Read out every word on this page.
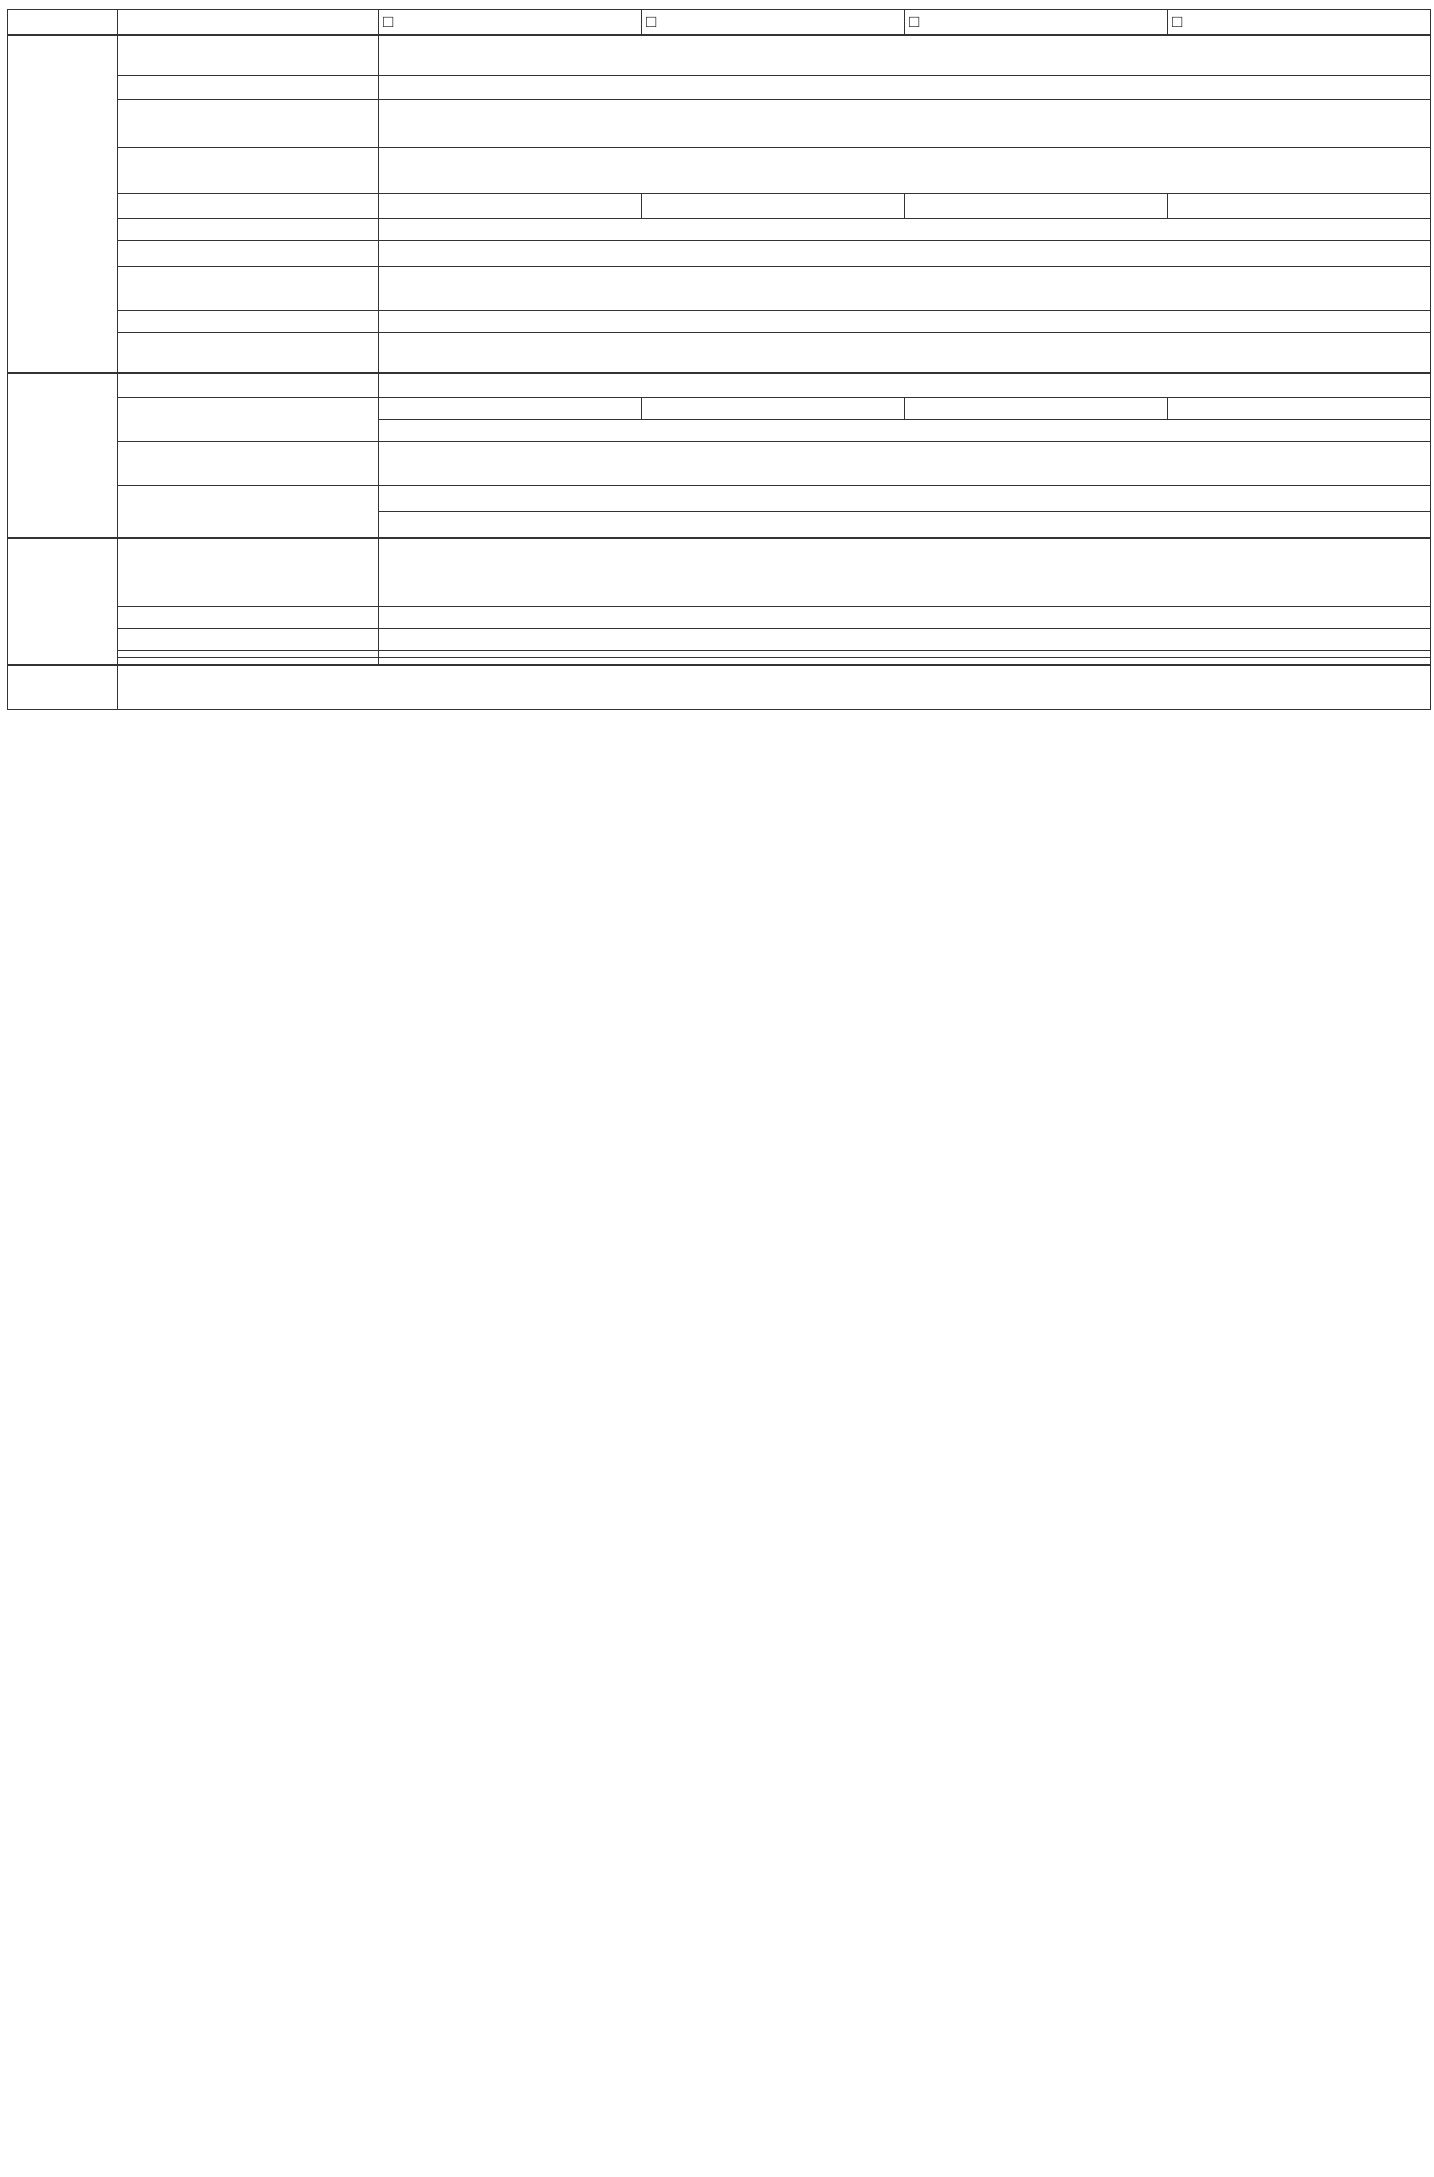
		□	□	□	□
